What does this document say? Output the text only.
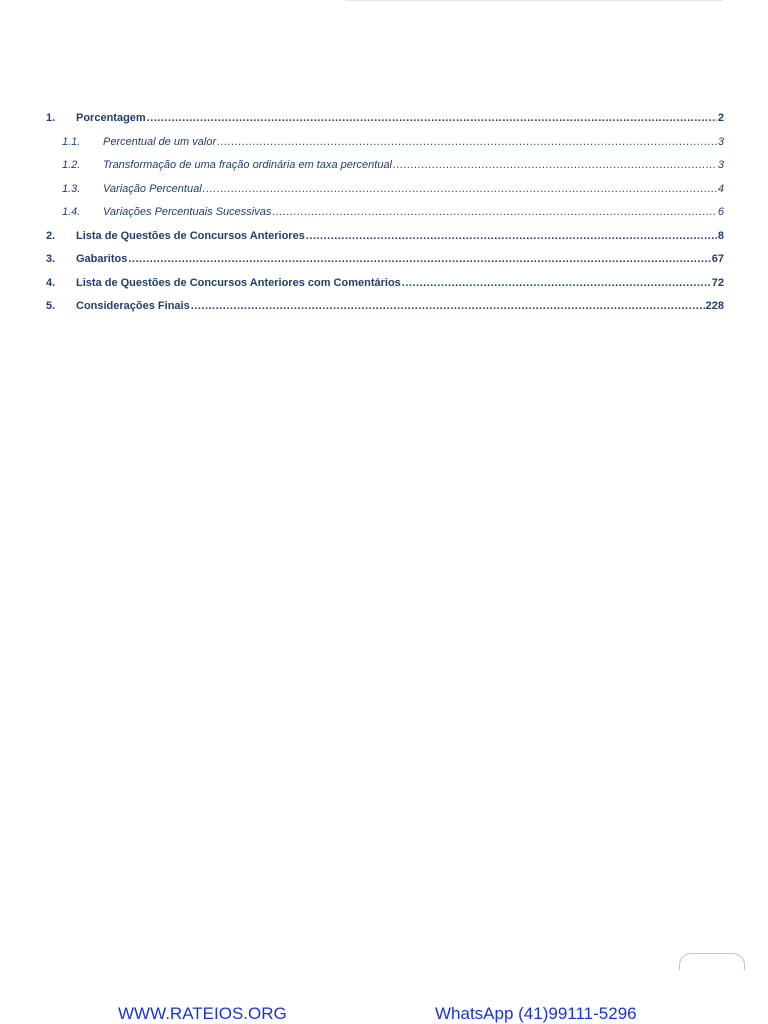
1.	Porcentagem .....	2
1.1.	Percentual de um valor .....	3
1.2.	Transformação de uma fração ordinária em taxa percentual .....	3
1.3.	Variação Percentual .....	4
1.4.	Variações Percentuais Sucessivas .....	6
2.	Lista de Questões de Concursos Anteriores .....	8
3.	Gabaritos .....	67
4.	Lista de Questões de Concursos Anteriores com Comentários .....	72
5.	Considerações Finais .....	228
WWW.RATEIOS.ORG	WhatsApp (41)99111-5296
